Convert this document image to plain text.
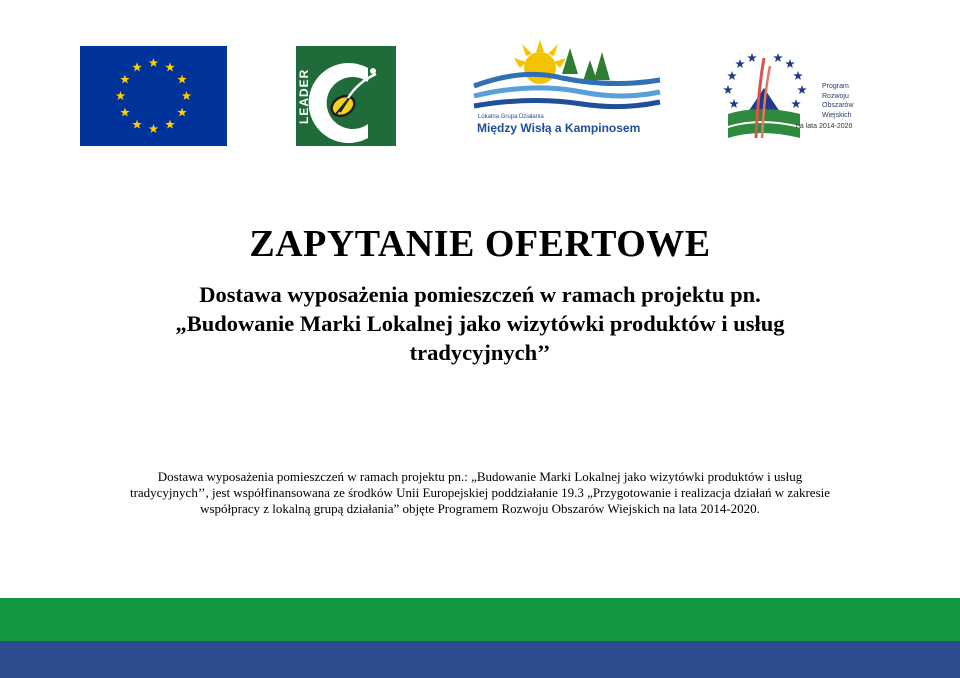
LEADER	Lokalna Grupa Działania
Między Wisłą a Kampinosem
Program
Rozwoju
Obszarów
Wiejskich
na lata 2014-2020
ZAPYTANIE OFERTOWE

Dostawa wyposażenia pomieszczeń w ramach projektu pn. „Budowanie Marki Lokalnej jako wizytówki produktów i usług tradycyjnych’’

Dostawa wyposażenia pomieszczeń w ramach projektu pn.: „Budowanie Marki Lokalnej jako wizytówki produktów i usług tradycyjnych’’, jest współfinansowana ze środków Unii Europejskiej poddziałanie 19.3 „Przygotowanie i realizacja działań w zakresie współpracy z lokalną grupą działania” objęte Programem Rozwoju Obszarów Wiejskich na lata 2014-2020.
